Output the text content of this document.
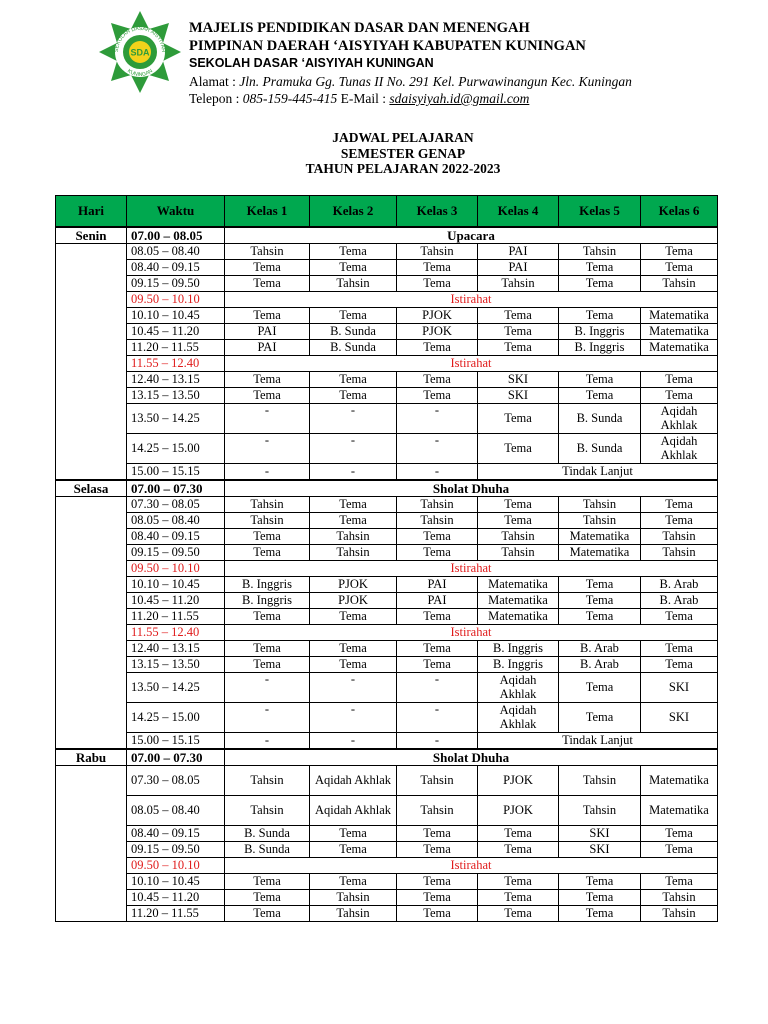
SDA
SEKOLAH DASAR AISYIYAH
KUNINGAN
MAJELIS PENDIDIKAN DASAR DAN MENENGAH
PIMPINAN DAERAH ‘AISYIYAH KABUPATEN KUNINGAN
SEKOLAH DASAR ‘AISYIYAH KUNINGAN
Alamat : Jln. Pramuka Gg. Tunas II No. 291 Kel. Purwawinangun Kec. Kuningan
Telepon : 085-159-445-415 E-Mail : sdaisyiyah.id@gmail.com
JADWAL PELAJARAN
SEMESTER GENAP
TAHUN PELAJARAN 2022-2023
Hari	Waktu	Kelas 1	Kelas 2	Kelas 3	Kelas 4	Kelas 5	Kelas 6
Senin	07.00 – 08.05	Upacara					
	08.05 – 08.40	Tahsin	Tema	Tahsin	PAI	Tahsin	Tema
	08.40 – 09.15	Tema	Tema	Tema	PAI	Tema	Tema
	09.15 – 09.50	Tema	Tahsin	Tema	Tahsin	Tema	Tahsin
	09.50 – 10.10	Istirahat					
	10.10 – 10.45	Tema	Tema	PJOK	Tema	Tema	Matematika
	10.45 – 11.20	PAI	B. Sunda	PJOK	Tema	B. Inggris	Matematika
	11.20 – 11.55	PAI	B. Sunda	Tema	Tema	B. Inggris	Matematika
	11.55 – 12.40	Istirahat					
	12.40 – 13.15	Tema	Tema	Tema	SKI	Tema	Tema
	13.15 – 13.50	Tema	Tema	Tema	SKI	Tema	Tema
	13.50 – 14.25	-	-	-	Tema	B. Sunda	Aqidah Akhlak
	14.25 – 15.00	-	-	-	Tema	B. Sunda	Aqidah Akhlak
	15.00 – 15.15	-	-	-	Tindak Lanjut		
Selasa	07.00 – 07.30	Sholat Dhuha					
	07.30 – 08.05	Tahsin	Tema	Tahsin	Tema	Tahsin	Tema
	08.05 – 08.40	Tahsin	Tema	Tahsin	Tema	Tahsin	Tema
	08.40 – 09.15	Tema	Tahsin	Tema	Tahsin	Matematika	Tahsin
	09.15 – 09.50	Tema	Tahsin	Tema	Tahsin	Matematika	Tahsin
	09.50 – 10.10	Istirahat					
	10.10 – 10.45	B. Inggris	PJOK	PAI	Matematika	Tema	B. Arab
	10.45 – 11.20	B. Inggris	PJOK	PAI	Matematika	Tema	B. Arab
	11.20 – 11.55	Tema	Tema	Tema	Matematika	Tema	Tema
	11.55 – 12.40	Istirahat					
	12.40 – 13.15	Tema	Tema	Tema	B. Inggris	B. Arab	Tema
	13.15 – 13.50	Tema	Tema	Tema	B. Inggris	B. Arab	Tema
	13.50 – 14.25	-	-	-	Aqidah Akhlak	Tema	SKI
	14.25 – 15.00	-	-	-	Aqidah Akhlak	Tema	SKI
	15.00 – 15.15	-	-	-	Tindak Lanjut		
Rabu	07.00 – 07.30	Sholat Dhuha					
	07.30 – 08.05	Tahsin	Aqidah Akhlak	Tahsin	PJOK	Tahsin	Matematika
	08.05 – 08.40	Tahsin	Aqidah Akhlak	Tahsin	PJOK	Tahsin	Matematika
	08.40 – 09.15	B. Sunda	Tema	Tema	Tema	SKI	Tema
	09.15 – 09.50	B. Sunda	Tema	Tema	Tema	SKI	Tema
	09.50 – 10.10	Istirahat					
	10.10 – 10.45	Tema	Tema	Tema	Tema	Tema	Tema
	10.45 – 11.20	Tema	Tahsin	Tema	Tema	Tema	Tahsin
	11.20 – 11.55	Tema	Tahsin	Tema	Tema	Tema	Tahsin
